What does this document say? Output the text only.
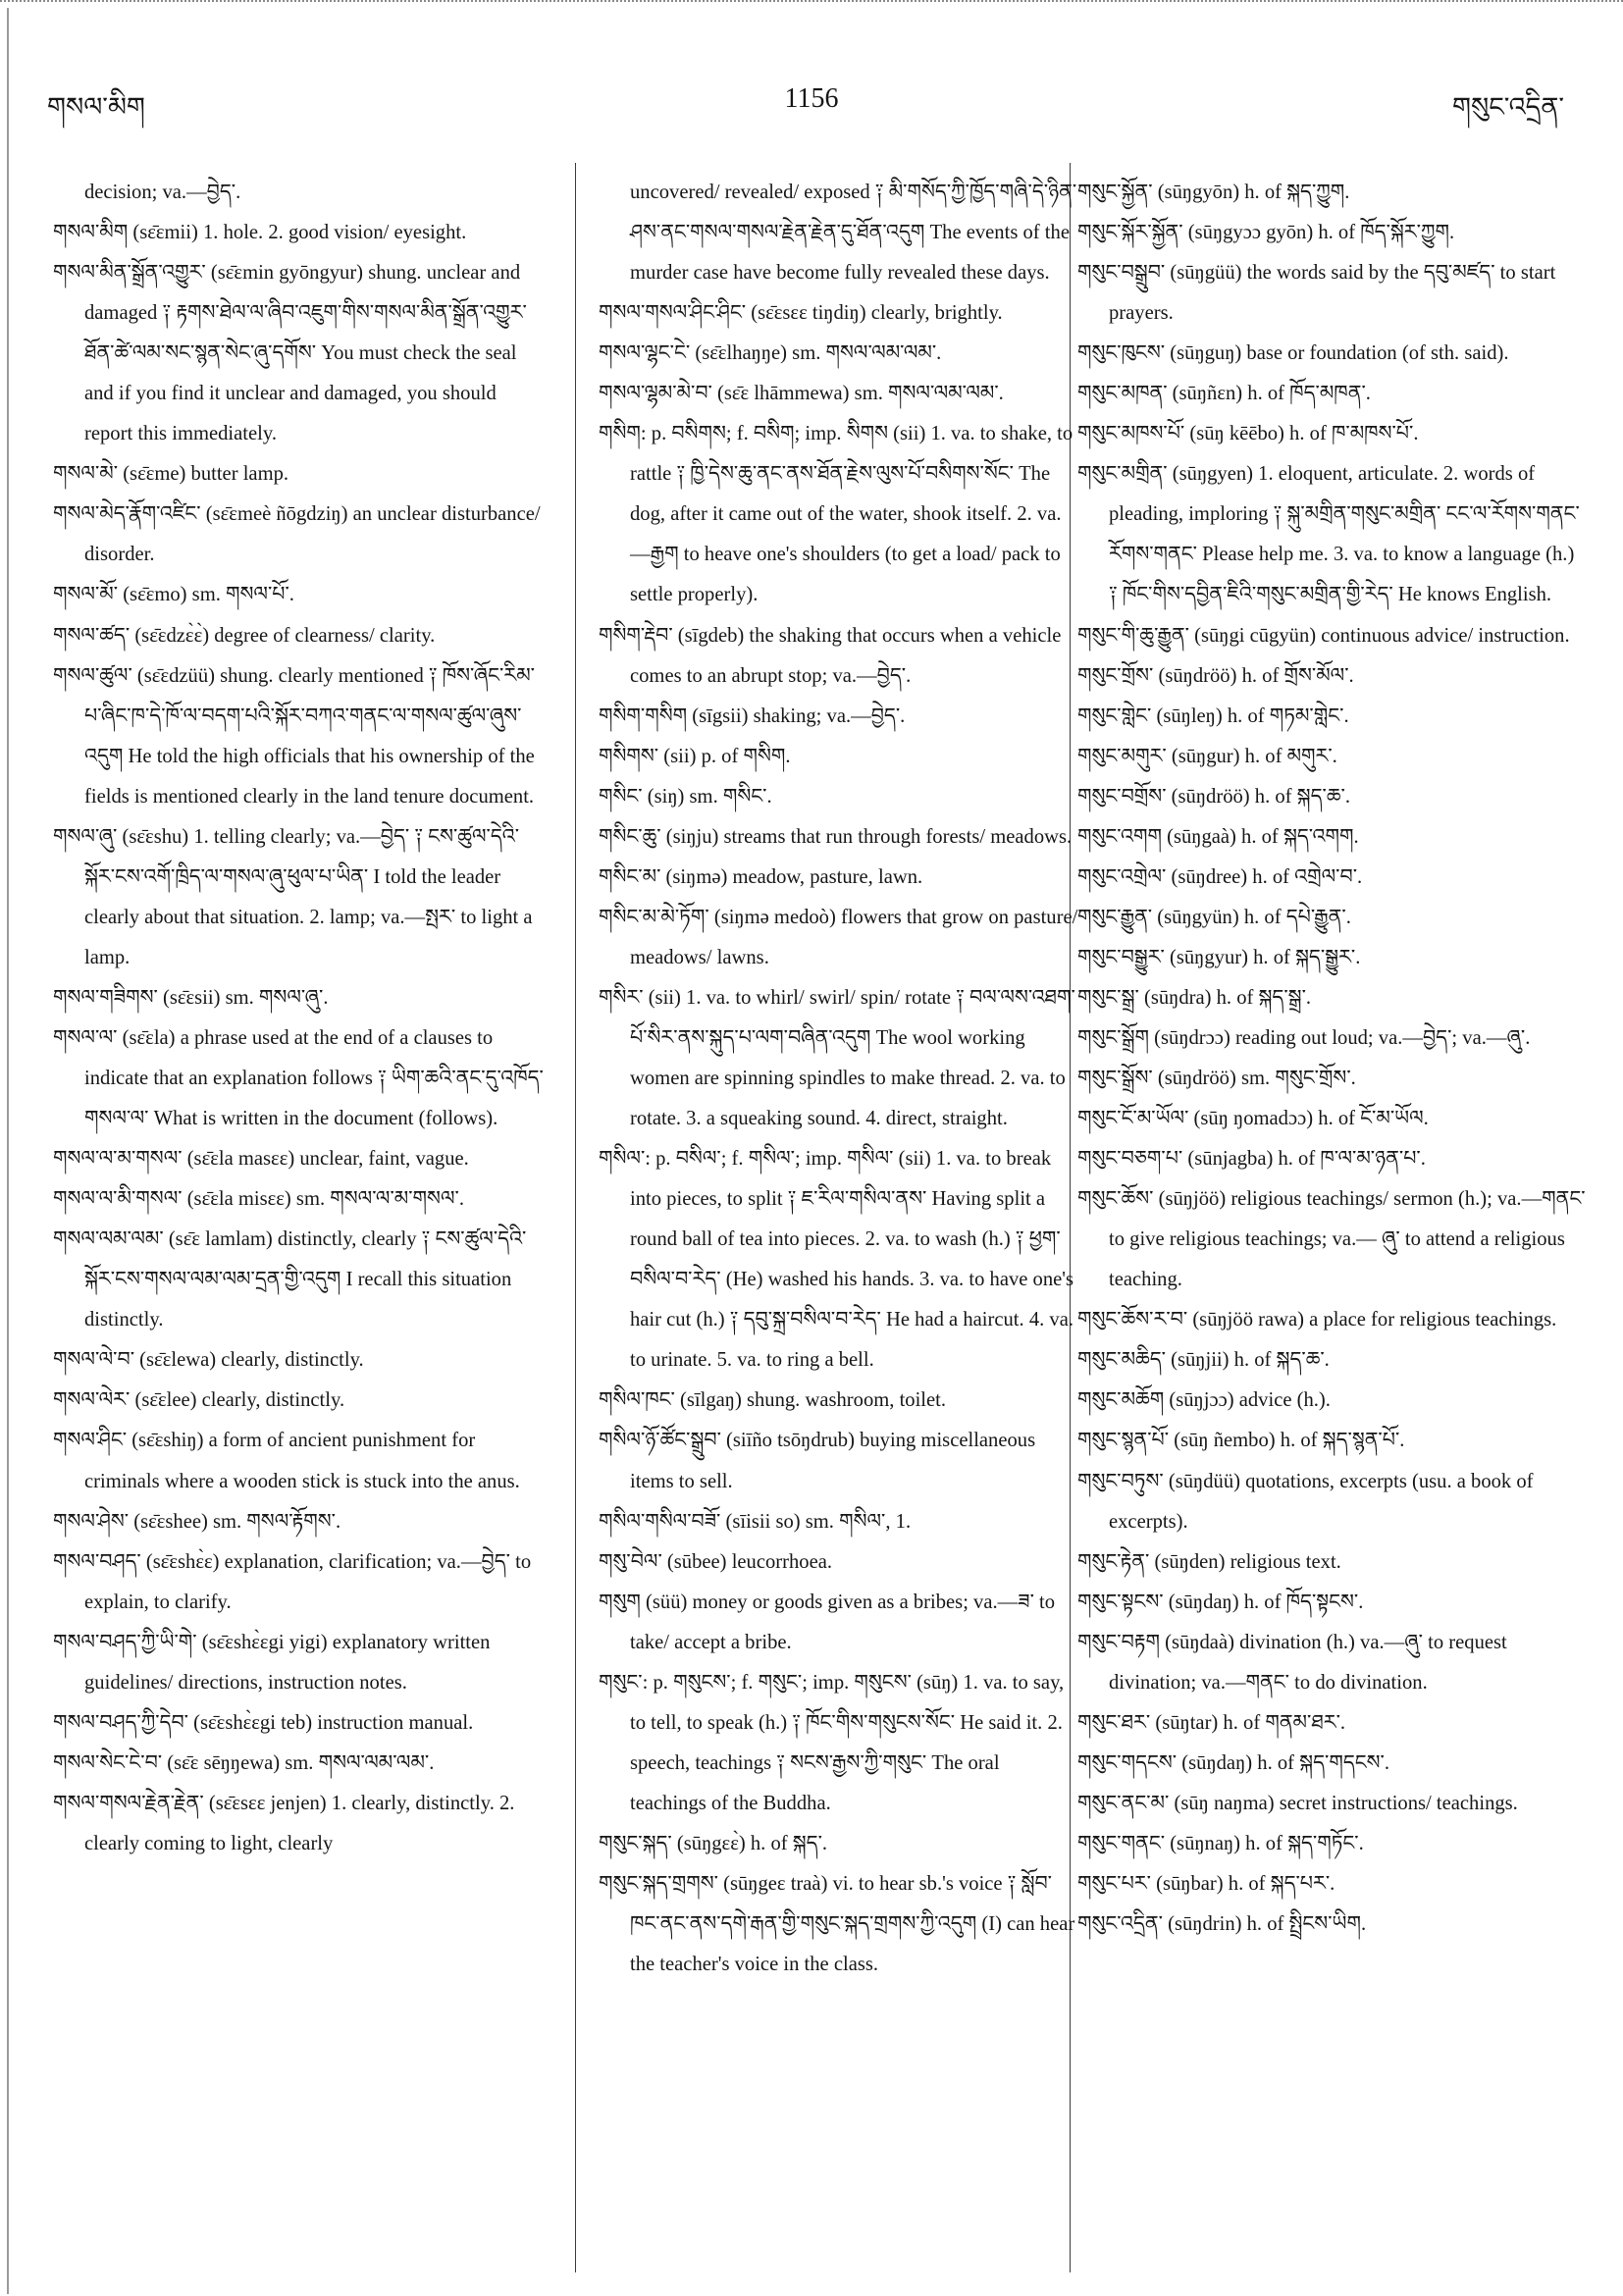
གསལ་མིག	1156	གསུང་འདྲིན་

decision; va.—བྱེད་.

གསལ་མིག (sɛ̄ɛmii) 1. hole. 2. good vision/ eyesight.

གསལ་མིན་སྒྲོན་འགྱུར་ (sɛ̄ɛmin gyōngyur) shung. unclear and damaged ༑ རྟགས་ཐེལ་ལ་ཞིབ་འཇུག་གིས་གསལ་མིན་སྒྲོན་འགྱུར་ཐོན་ཚེ་ལམ་སང་སྙན་སེང་ཞུ་དགོས་ You must check the seal and if you find it unclear and damaged, you should report this immediately.

གསལ་མེ་ (sɛ̄ɛme) butter lamp.

གསལ་མེད་རྣོག་འཛིང་ (sɛ̄ɛmeè ñōgdziŋ) an unclear disturbance/ disorder.

གསལ་མོ་ (sɛ̄ɛmo) sm. གསལ་པོ་.

གསལ་ཚད་ (sɛ̄ɛdzɛ̀ɛ̀) degree of clearness/ clarity.

གསལ་ཚུལ་ (sɛ̄ɛdzüü) shung. clearly mentioned ༑ ཁོས་ཞོང་རིམ་པ་ཞིང་ཁ་དེ་ཁོ་ལ་བདག་པའི་སྐོར་བཀའ་གནང་ལ་གསལ་ཚུལ་ཞུས་འདུག He told the high officials that his ownership of the fields is mentioned clearly in the land tenure document.

གསལ་ཞུ་ (sɛ̄ɛshu) 1. telling clearly; va.—བྱེད་ ༑ ངས་ཚུལ་དེའི་སྐོར་ངས་འགོ་ཁྲིད་ལ་གསལ་ཞུ་ཕུལ་པ་ཡིན་ I told the leader clearly about that situation. 2. lamp; va.—སྤར་ to light a lamp.

གསལ་གཟིགས་ (sɛ̄ɛsii) sm. གསལ་ཞུ་.

གསལ་ལ་ (sɛ̄ɛla) a phrase used at the end of a clauses to indicate that an explanation follows ༑ ཡིག་ཆའི་ནང་དུ་འཁོད་གསལ་ལ་ What is written in the document (follows).

གསལ་ལ་མ་གསལ་ (sɛ̄ɛla masɛɛ) unclear, faint, vague.

གསལ་ལ་མི་གསལ་ (sɛ̄ɛla misɛɛ) sm. གསལ་ལ་མ་གསལ་.

གསལ་ལམ་ལམ་ (sɛ̄ɛ lamlam) distinctly, clearly ༑ ངས་ཚུལ་དེའི་སྐོར་ངས་གསལ་ལམ་ལམ་དྲན་གྱི་འདུག I recall this situation distinctly.

གསལ་ལེ་བ་ (sɛ̄ɛlewa) clearly, distinctly.

གསལ་ལེར་ (sɛ̄ɛlee) clearly, distinctly.

གསལ་ཤིང་ (sɛ̄ɛshiŋ) a form of ancient punishment for criminals where a wooden stick is stuck into the anus.

གསལ་ཤེས་ (sɛ̄ɛshee) sm. གསལ་རྟོགས་.

གསལ་བཤད་ (sɛ̄ɛshɛ̀ɛ) explanation, clarification; va.—བྱེད་ to explain, to clarify.

གསལ་བཤད་ཀྱི་ཡི་གེ་ (sɛ̄ɛshɛ̀ɛgi yigi) explanatory written guidelines/ directions, instruction notes.

གསལ་བཤད་ཀྱི་དེབ་ (sɛ̄ɛshɛ̀ɛgi teb) instruction manual.

གསལ་སེང་ངེ་བ་ (sɛ̄ɛ sēŋŋewa) sm. གསལ་ལམ་ལམ་.

གསལ་གསལ་རྗེན་རྗེན་ (sɛ̄ɛsɛɛ jenjen) 1. clearly, distinctly. 2. clearly coming to light, clearly

uncovered/ revealed/ exposed ༑ མི་གསོད་ཀྱི་ཁྱོད་གཞི་དེ་ཉིན་ཤས་ནང་གསལ་གསལ་རྗེན་རྗེན་དུ་ཐོན་འདུག The events of the murder case have become fully revealed these days.

གསལ་གསལ་ཤིང་ཤིང་ (sɛ̄ɛsɛɛ tiŋdiŋ) clearly, brightly.

གསལ་ལྷང་ངེ་ (sɛ̄ɛlhaŋŋe) sm. གསལ་ལམ་ལམ་.

གསལ་ལྷམ་མེ་བ་ (sɛ̄ɛ lhāmmewa) sm. གསལ་ལམ་ལམ་.

གསིག: p. བསིགས; f. བསིག; imp. སིགས (sii) 1. va. to shake, to rattle ༑ ཁྱི་དེས་ཆུ་ནང་ནས་ཐོན་རྗེས་ལུས་པོ་བསིགས་སོང་ The dog, after it came out of the water, shook itself. 2. va.—རྒྱག to heave one's shoulders (to get a load/ pack to settle properly).

གསིག་རྡེབ་ (sīgdeb) the shaking that occurs when a vehicle comes to an abrupt stop; va.—བྱེད་.

གསིག་གསིག (sīgsii) shaking; va.—བྱེད་.

གསིགས་ (sii) p. of གསིག.

གསིང་ (siŋ) sm. གསིང་.

གསིང་ཆུ་ (siŋju) streams that run through forests/ meadows.

གསིང་མ་ (siŋmə) meadow, pasture, lawn.

གསིང་མ་མེ་ཏོག་ (siŋmə medoò) flowers that grow on pasture/ meadows/ lawns.

གསིར་ (sii) 1. va. to whirl/ swirl/ spin/ rotate ༑ བལ་ལས་འཐག་པོ་སིར་ནས་སྐུད་པ་ལག་བཞིན་འདུག The wool working women are spinning spindles to make thread. 2. va. to rotate. 3. a squeaking sound. 4. direct, straight.

གསིལ་: p. བསིལ་; f. གསིལ་; imp. གསིལ་ (sii) 1. va. to break into pieces, to split ༑ ཇ་རིལ་གསིལ་ནས་ Having split a round ball of tea into pieces. 2. va. to wash (h.) ༑ ཕྱག་བསིལ་བ་རེད་ (He) washed his hands. 3. va. to have one's hair cut (h.) ༑ དབུ་སྐྲ་བསིལ་བ་རེད་ He had a haircut. 4. va. to urinate. 5. va. to ring a bell.

གསིལ་ཁང་ (sīlgaŋ) shung. washroom, toilet.

གསིལ་ཉོ་ཚོང་སྒྲུབ་ (siīño tsōŋdrub) buying miscellaneous items to sell.

གསིལ་གསིལ་བཟོ་ (sīisii so) sm. གསིལ་, 1.

གསུ་བེལ་ (sūbee) leucorrhoea.

གསུག (süü) money or goods given as a bribes; va.—ཟ་ to take/ accept a bribe.

གསུང་: p. གསུངས་; f. གསུང་; imp. གསུངས་ (sūŋ) 1. va. to say, to tell, to speak (h.) ༑ ཁོང་གིས་གསུངས་སོང་ He said it. 2. speech, teachings ༑ སངས་རྒྱས་ཀྱི་གསུང་ The oral teachings of the Buddha.

གསུང་སྐད་ (sūŋgɛɛ̀) h. of སྐད་.

གསུང་སྐད་གྲགས་ (sūŋgeɛ traà) vi. to hear sb.'s voice ༑ སློབ་ཁང་ནང་ནས་དགེ་རྒན་གྱི་གསུང་སྐད་གྲགས་ཀྱི་འདུག (I) can hear the teacher's voice in the class.

གསུང་སྐྱོན་ (sūŋgyōn) h. of སྐད་ཀྱུག.

གསུང་སྐོར་སྐྱོན་ (sūŋgyɔɔ gyōn) h. of ཁོད་སྐོར་ཀྱུག.

གསུང་བསྒྲུབ་ (sūŋgüü) the words said by the དབུ་མཛད་ to start prayers.

གསུང་ཁུངས་ (sūŋguŋ) base or foundation (of sth. said).

གསུང་མཁན་ (sūŋñɛn) h. of ཁོད་མཁན་.

གསུང་མཁས་པོ་ (sūŋ kēēbo) h. of ཁ་མཁས་པོ་.

གསུང་མགྲིན་ (sūŋgyen) 1. eloquent, articulate. 2. words of pleading, imploring ༑ སྐུ་མགྲིན་གསུང་མགྲིན་ ངང་ལ་རོགས་གནང་རོགས་གནང་ Please help me. 3. va. to know a language (h.) ༑ ཁོང་གིས་དབྱིན་ཇིའི་གསུང་མགྲིན་གྱི་རེད་ He knows English.

གསུང་གི་ཆུ་རྒྱུན་ (sūŋgi cūgyün) continuous advice/ instruction.

གསུང་གྲོས་ (sūŋdröö) h. of གྲོས་མོལ་.

གསུང་གླེང་ (sūŋleŋ) h. of གཏམ་གླེང་.

གསུང་མགུར་ (sūŋgur) h. of མགུར་.

གསུང་བགྲོས་ (sūŋdröö) h. of སྐད་ཆ་.

གསུང་འགག (sūŋgaà) h. of སྐད་འགག.

གསུང་འགྲེལ་ (sūŋdree) h. of འགྲེལ་བ་.

གསུང་རྒྱུན་ (sūŋgyün) h. of དཔེ་རྒྱུན་.

གསུང་བསྒྱུར་ (sūŋgyur) h. of སྐད་སྒྱུར་.

གསུང་སྒྲ་ (sūŋdra) h. of སྐད་སྒྲ་.

གསུང་སྒྲོག (sūŋdrɔɔ) reading out loud; va.—བྱེད་; va.—ཞུ་.

གསུང་སྒྲོས་ (sūŋdröö) sm. གསུང་གྲོས་.

གསུང་ངོ་མ་ཡོལ་ (sūŋ ŋomadɔɔ) h. of ངོ་མ་ཡོལ.

གསུང་བཅག་པ་ (sūnjagba) h. of ཁ་ལ་མ་ཉན་པ་.

གསུང་ཆོས་ (sūŋjöö) religious teachings/ sermon (h.); va.—གནང་ to give religious teachings; va.— ཞུ་ to attend a religious teaching.

གསུང་ཆོས་ར་བ་ (sūŋjöö rawa) a place for religious teachings.

གསུང་མཆིད་ (sūŋjii) h. of སྐད་ཆ་.

གསུང་མཆོག (sūŋjɔɔ) advice (h.).

གསུང་སྙན་པོ་ (sūŋ ñembo) h. of སྐད་སྙན་པོ་.

གསུང་བཏུས་ (sūŋdüü) quotations, excerpts (usu. a book of excerpts).

གསུང་རྟེན་ (sūŋden) religious text.

གསུང་སྟངས་ (sūŋdaŋ) h. of ཁོད་སྟངས་.

གསུང་བརྟག (sūŋdaà) divination (h.) va.—ཞུ་ to request divination; va.—གནང་ to do divination.

གསུང་ཐར་ (sūŋtar) h. of གནམ་ཐར་.

གསུང་གདངས་ (sūŋdaŋ) h. of སྐད་གདངས་.

གསུང་ནང་མ་ (sūŋ naŋma) secret instructions/ teachings.

གསུང་གནང་ (sūŋnaŋ) h. of སྐད་གཏོང་.

གསུང་པར་ (sūŋbar) h. of སྐད་པར་.

གསུང་འདྲིན་ (sūŋdrin) h. of སྤྲིངས་ཡིག.
